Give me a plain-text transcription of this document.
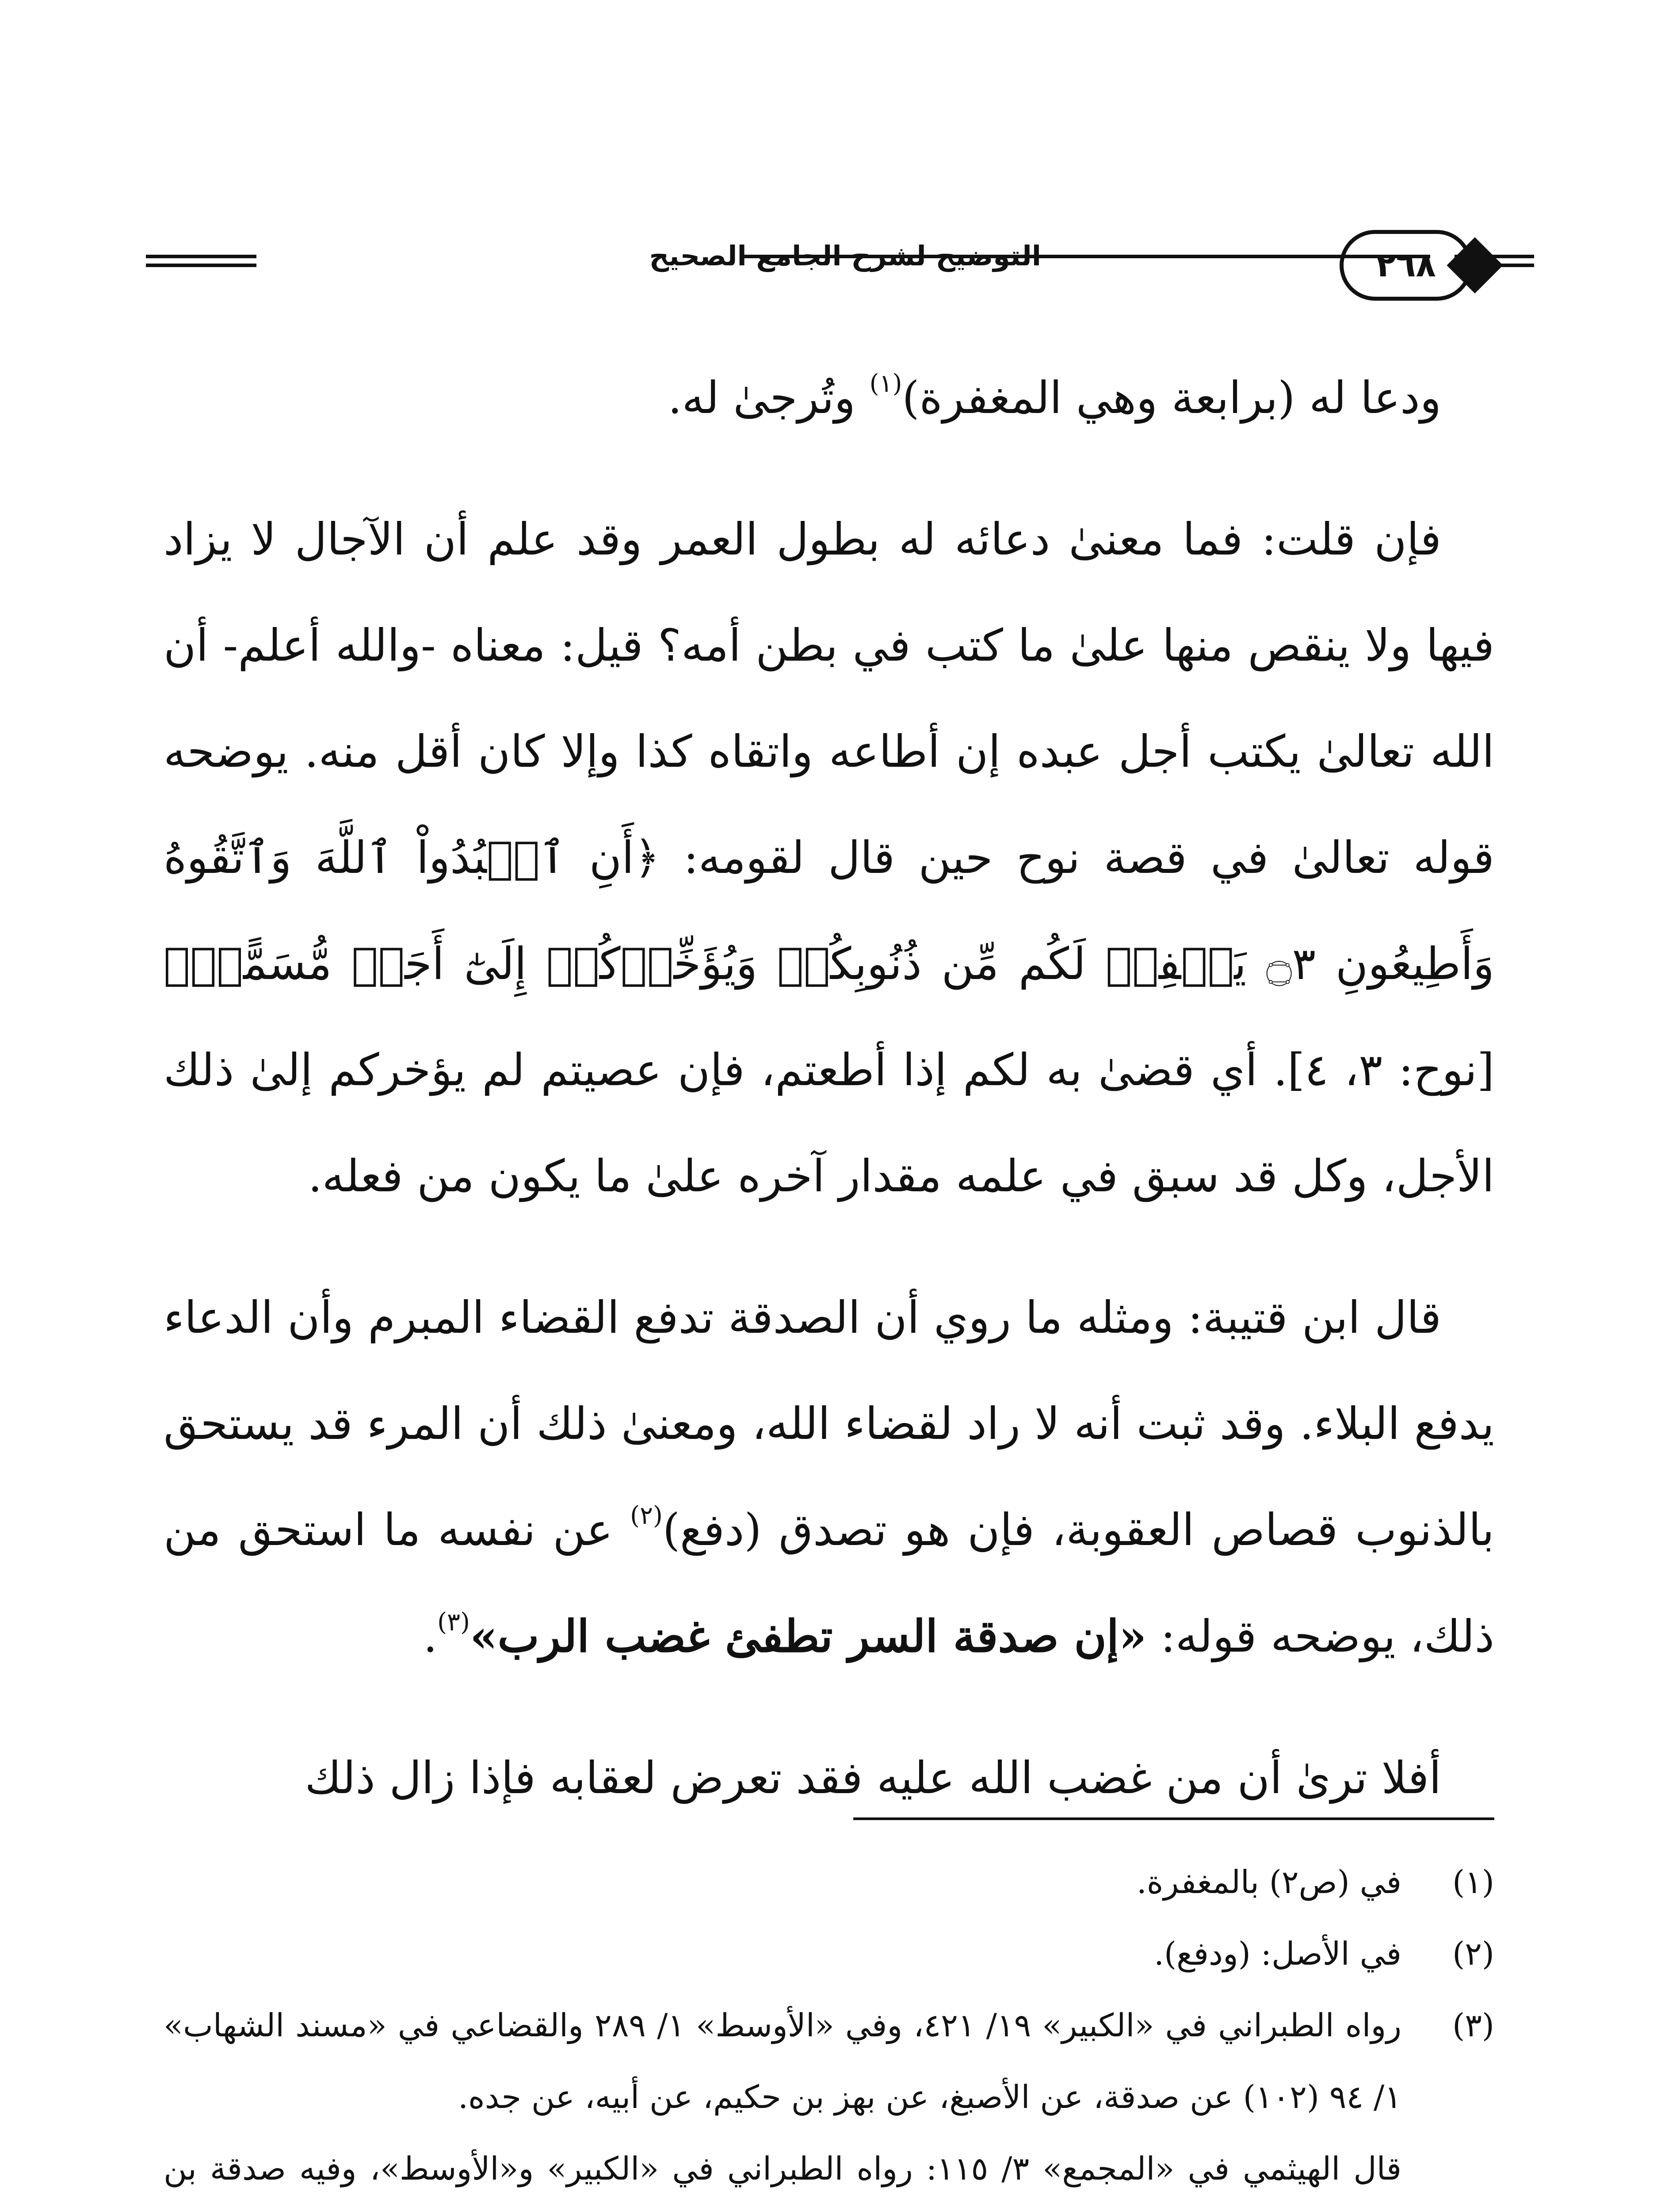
التوضيح لشرح الجامع الصحيح	٢٦٨

ودعا له (برابعة وهي المغفرة)$^{(١)}$ وتُرجىٰ له.

فإن قلت: فما معنىٰ دعائه له بطول العمر وقد علم أن الآجال لا يزاد فيها ولا ينقص منها علىٰ ما كتب في بطن أمه؟ قيل: معناه -والله أعلم- أن الله تعالىٰ يكتب أجل عبده إن أطاعه واتقاه كذا وإلا كان أقل منه. يوضحه قوله تعالىٰ في قصة نوح حين قال لقومه: ﴿أَنِ ٱعۡبُدُواْ ٱللَّهَ وَٱتَّقُوهُ وَأَطِيعُونِ ۝٣ يَغۡفِرۡ لَكُم مِّن ذُنُوبِكُمۡ وَيُؤَخِّرۡكُمۡ إِلَىٰٓ أَجَلٖ مُّسَمًّىۚ﴾ [نوح: ٣، ٤]. أي قضىٰ به لكم إذا أطعتم، فإن عصيتم لم يؤخركم إلىٰ ذلك الأجل، وكل قد سبق في علمه مقدار آخره علىٰ ما يكون من فعله.

قال ابن قتيبة: ومثله ما روي أن الصدقة تدفع القضاء المبرم وأن الدعاء يدفع البلاء. وقد ثبت أنه لا راد لقضاء الله، ومعنىٰ ذلك أن المرء قد يستحق بالذنوب قصاص العقوبة، فإن هو تصدق (دفع)$^{(٢)}$ عن نفسه ما استحق من ذلك، يوضحه قوله: «إن صدقة السر تطفئ غضب الرب»$^{(٣)}$.

أفلا ترىٰ أن من غضب الله عليه فقد تعرض لعقابه فإذا زال ذلك

(١)
في (ص٢) بالمغفرة.
(٢)
في الأصل: (ودفع).
(٣)
رواه الطبراني في «الكبير» ١٩/ ٤٢١، وفي «الأوسط» ١/ ٢٨٩ والقضاعي في «مسند الشهاب» ١/ ٩٤ (١٠٢) عن صدقة، عن الأصبغ، عن بهز بن حكيم، عن أبيه، عن جده.
قال الهيثمي في «المجمع» ٣/ ١١٥: رواه الطبراني في «الكبير» و«الأوسط»، وفيه صدقة بن
